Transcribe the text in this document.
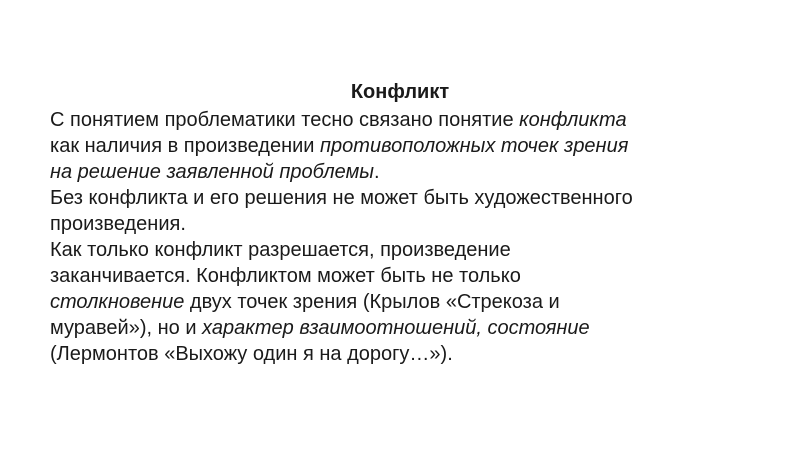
Конфликт
С понятием проблематики тесно связано понятие конфликта
как наличия в произведении противоположных точек зрения
на решение заявленной проблемы.
Без конфликта и его решения не может быть художественного
произведения.
Как только конфликт разрешается, произведение
заканчивается. Конфликтом может быть не только
столкновение двух точек зрения (Крылов «Стрекоза и
муравей»), но и характер взаимоотношений, состояние
(Лермонтов «Выхожу один я на дорогу…»).
